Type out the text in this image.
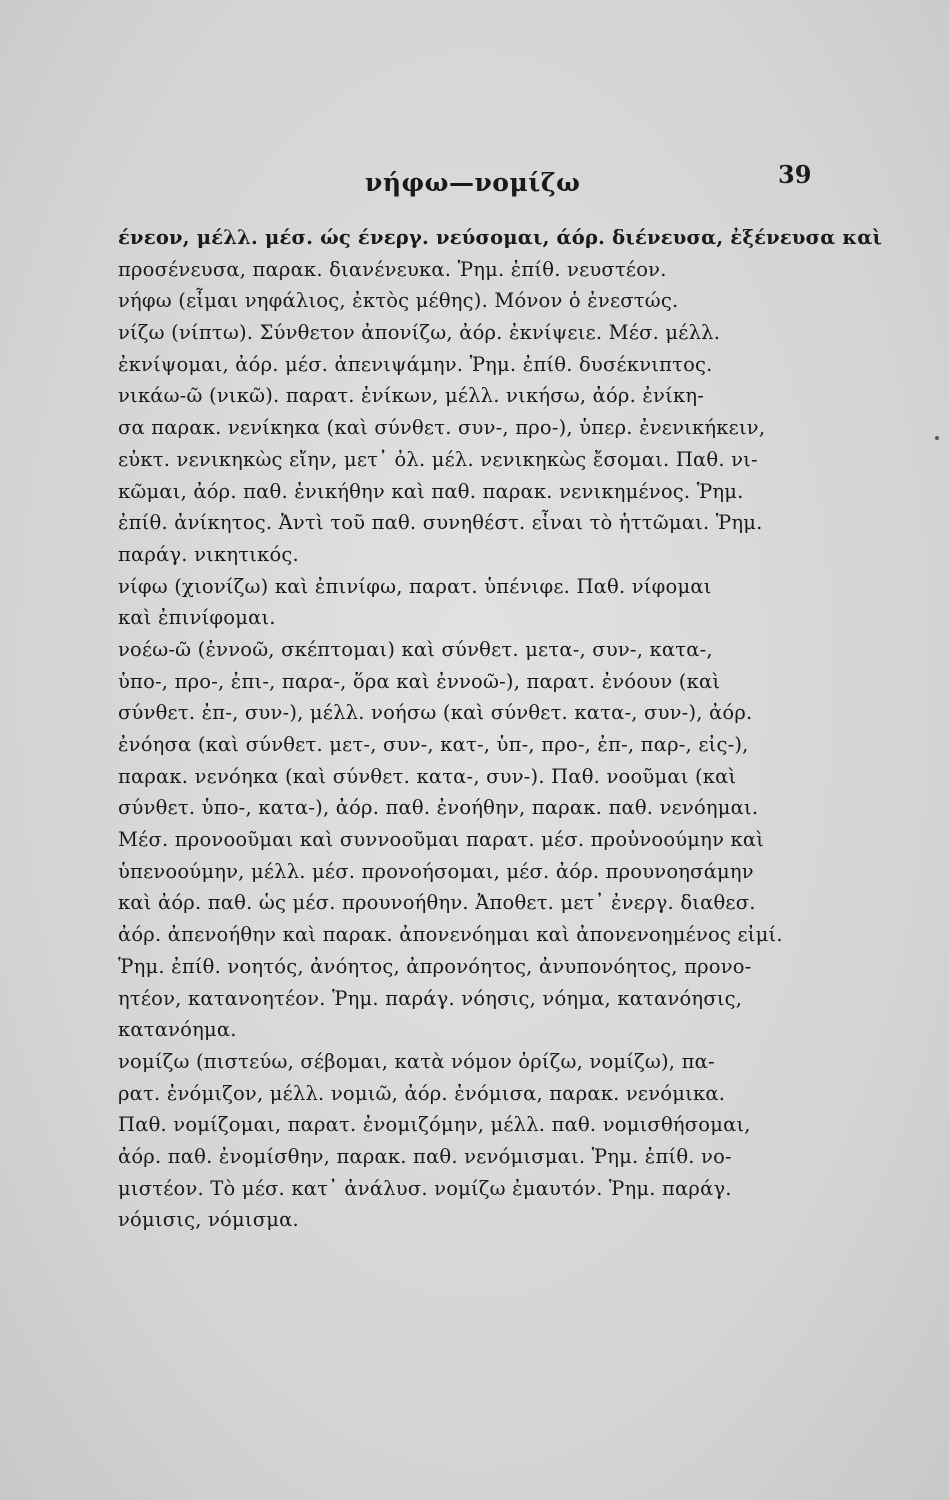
νήφω—νομίζω	39
ένεον, μέλλ. μέσ. ώς ένεργ. νεύσομαι, άόρ. διένευσα, ἐξένευσα καὶ
προσένευσα, παρακ. διανένευκα. Ῥημ. ἐπίθ. νευστέον.
νήφω (εἶμαι νηφάλιος, ἐκτὸς μέθης). Μόνον ὁ ἐνεστώς.
νίζω (νίπτω). Σύνθετον ἀπονίζω, ἀόρ. ἐκνίψειε. Μέσ. μέλλ.
ἐκνίψομαι, ἀόρ. μέσ. ἀπενιψάμην. Ῥημ. ἐπίθ. δυσέκνιπτος.
νικάω-ῶ (νικῶ). παρατ. ἐνίκων, μέλλ. νικήσω, ἀόρ. ἐνίκη-
σα παρακ. νενίκηκα (καὶ σύνθετ. συν-, προ-), ὑπερ. ἐνενικήκειν,
εὐκτ. νενικηκὼς εἴην, μετ᾽ ὀλ. μέλ. νενικηκὼς ἔσομαι. Παθ. νι-
κῶμαι, ἀόρ. παθ. ἐνικήθην καὶ παθ. παρακ. νενικημένος. Ῥημ.
ἐπίθ. ἀνίκητος. Ἀντὶ τοῦ παθ. συνηθέστ. εἶναι τὸ ἡττῶμαι. Ῥημ.
παράγ. νικητικός.
νίφω (χιονίζω) καὶ ἐπινίφω, παρατ. ὑπένιφε. Παθ. νίφομαι
καὶ ἐπινίφομαι.
νοέω-ῶ (ἐννοῶ, σκέπτομαι) καὶ σύνθετ. μετα-, συν-, κατα-,
ὑπο-, προ-, ἐπι-, παρα-, ὅρα καὶ ἐννοῶ-), παρατ. ἐνόουν (καὶ
σύνθετ. ἐπ-, συν-), μέλλ. νοήσω (καὶ σύνθετ. κατα-, συν-), ἀόρ.
ἐνόησα (καὶ σύνθετ. μετ-, συν-, κατ-, ὑπ-, προ-, ἐπ-, παρ-, εἰς-),
παρακ. νενόηκα (καὶ σύνθετ. κατα-, συν-). Παθ. νοοῦμαι (καὶ
σύνθετ. ὑπο-, κατα-), ἀόρ. παθ. ἐνοήθην, παρακ. παθ. νενόημαι.
Μέσ. προνοοῦμαι καὶ συννοοῦμαι παρατ. μέσ. προὐνοούμην καὶ
ὑπενοούμην, μέλλ. μέσ. προνοήσομαι, μέσ. ἀόρ. προυνοησάμην
καὶ ἀόρ. παθ. ὡς μέσ. προυνοήθην. Ἀποθετ. μετ᾽ ἐνεργ. διαθεσ.
ἀόρ. ἀπενοήθην καὶ παρακ. ἀπονενόημαι καὶ ἀπονενοημένος εἰμί.
Ῥημ. ἐπίθ. νοητός, ἀνόητος, ἀπρονόητος, ἀνυπονόητος, προνο-
ητέον, κατανοητέον. Ῥημ. παράγ. νόησις, νόημα, κατανόησις,
κατανόημα.
νομίζω (πιστεύω, σέβομαι, κατὰ νόμον ὁρίζω, νομίζω), πα-
ρατ. ἐνόμιζον, μέλλ. νομιῶ, ἀόρ. ἐνόμισα, παρακ. νενόμικα.
Παθ. νομίζομαι, παρατ. ἐνομιζόμην, μέλλ. παθ. νομισθήσομαι,
ἀόρ. παθ. ἐνομίσθην, παρακ. παθ. νενόμισμαι. Ῥημ. ἐπίθ. νο-
μιστέον. Τὸ μέσ. κατ᾽ ἀνάλυσ. νομίζω ἐμαυτόν. Ῥημ. παράγ.
νόμισις, νόμισμα.
